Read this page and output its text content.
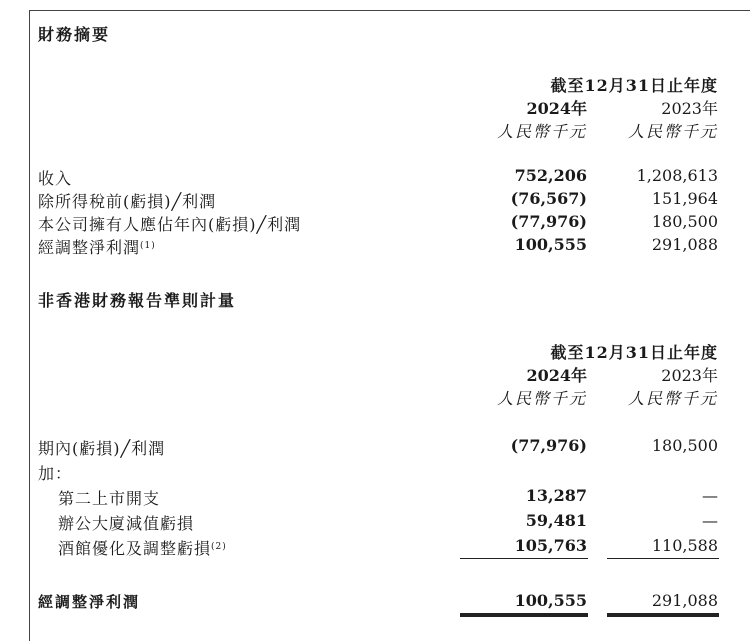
財務摘要
截至12月31日止年度
2024年	2023年
人民幣千元	人民幣千元
收入	752,206	1,208,613
除所得稅前(虧損)╱利潤	(76,567)	151,964
本公司擁有人應佔年內(虧損)╱利潤	(77,976)	180,500
經調整淨利潤$^{(1)}$	100,555	291,088
非香港財務報告準則計量
截至12月31日止年度
2024年	2023年
人民幣千元	人民幣千元
期內(虧損)╱利潤	(77,976)	180,500
加：
第二上市開支	13,287	—
辦公大廈減值虧損	59,481	—
酒館優化及調整虧損$^{(2)}$	105,763	110,588
經調整淨利潤	100,555	291,088
